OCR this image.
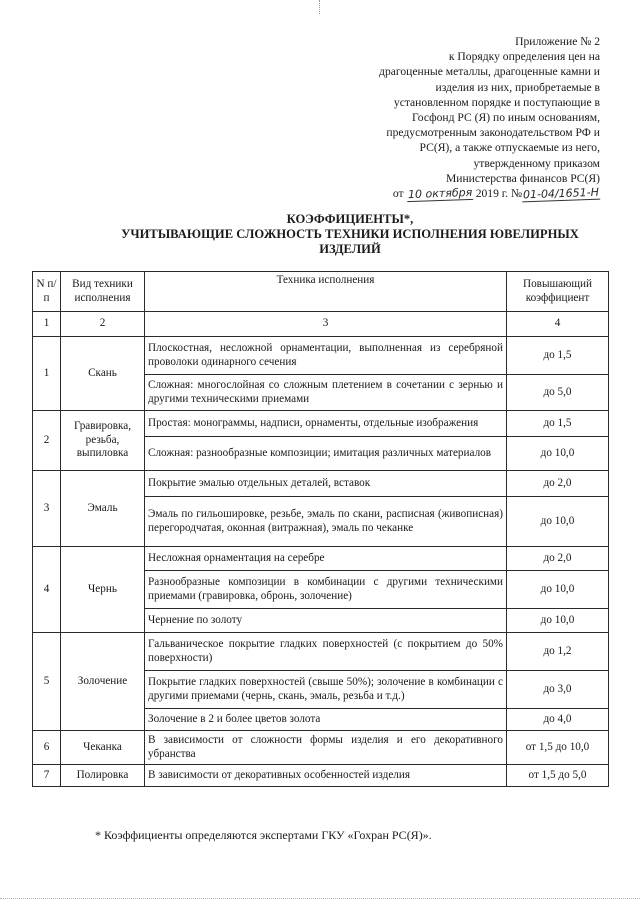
Приложение № 2
к Порядку определения цен на
драгоценные металлы, драгоценные камни и
изделия из них, приобретаемые в
установленном порядке и поступающие в
Госфонд РС (Я) по иным основаниям,
предусмотренным законодательством РФ и
РС(Я), а также отпускаемые из него,
утвержденному приказом
Министерства финансов РС(Я)
от 10 октября 2019 г. №01-04/1651-Н
КОЭФФИЦИЕНТЫ*,
УЧИТЫВАЮЩИЕ СЛОЖНОСТЬ ТЕХНИКИ ИСПОЛНЕНИЯ ЮВЕЛИРНЫХ
ИЗДЕЛИЙ
N п/п	Вид техники исполнения	Техника исполнения	Повышающий коэффициент
1	2	3	4
1	Скань	Плоскостная, несложной орнаментации, выполненная из серебряной проволоки одинарного сечения	до 1,5
		Сложная: многослойная со сложным плетением в сочетании с зернью и другими техническими приемами	до 5,0
2	Гравировка, резьба, выпиловка	Простая: монограммы, надписи, орнаменты, отдельные изображения	до 1,5
		Сложная: разнообразные композиции; имитация различных материалов	до 10,0
3	Эмаль	Покрытие эмалью отдельных деталей, вставок	до 2,0
		Эмаль по гильоширoвке, резьбе, эмаль по скани, расписная (живописная) перегородчатая, оконная (витражная), эмаль по чеканке	до 10,0
4	Чернь	Несложная орнаментация на серебре	до 2,0
		Разнообразные композиции в комбинации с другими техническими приемами (гравировка, обронь, золочение)	до 10,0
		Чернение по золоту	до 10,0
5	Золочение	Гальваническое покрытие гладких поверхностей (с покрытием до 50% поверхности)	до 1,2
		Покрытие гладких поверхностей (свыше 50%); золочение в комбинации с другими приемами (чернь, скань, эмаль, резьба и т.д.)	до 3,0
		Золочение в 2 и более цветов золота	до 4,0
6	Чеканка	В зависимости от сложности формы изделия и его декоративного убранства	от 1,5 до 10,0
7	Полировка	В зависимости от декоративных особенностей изделия	от 1,5 до 5,0
* Коэффициенты определяются экспертами ГКУ «Гохран РС(Я)».
